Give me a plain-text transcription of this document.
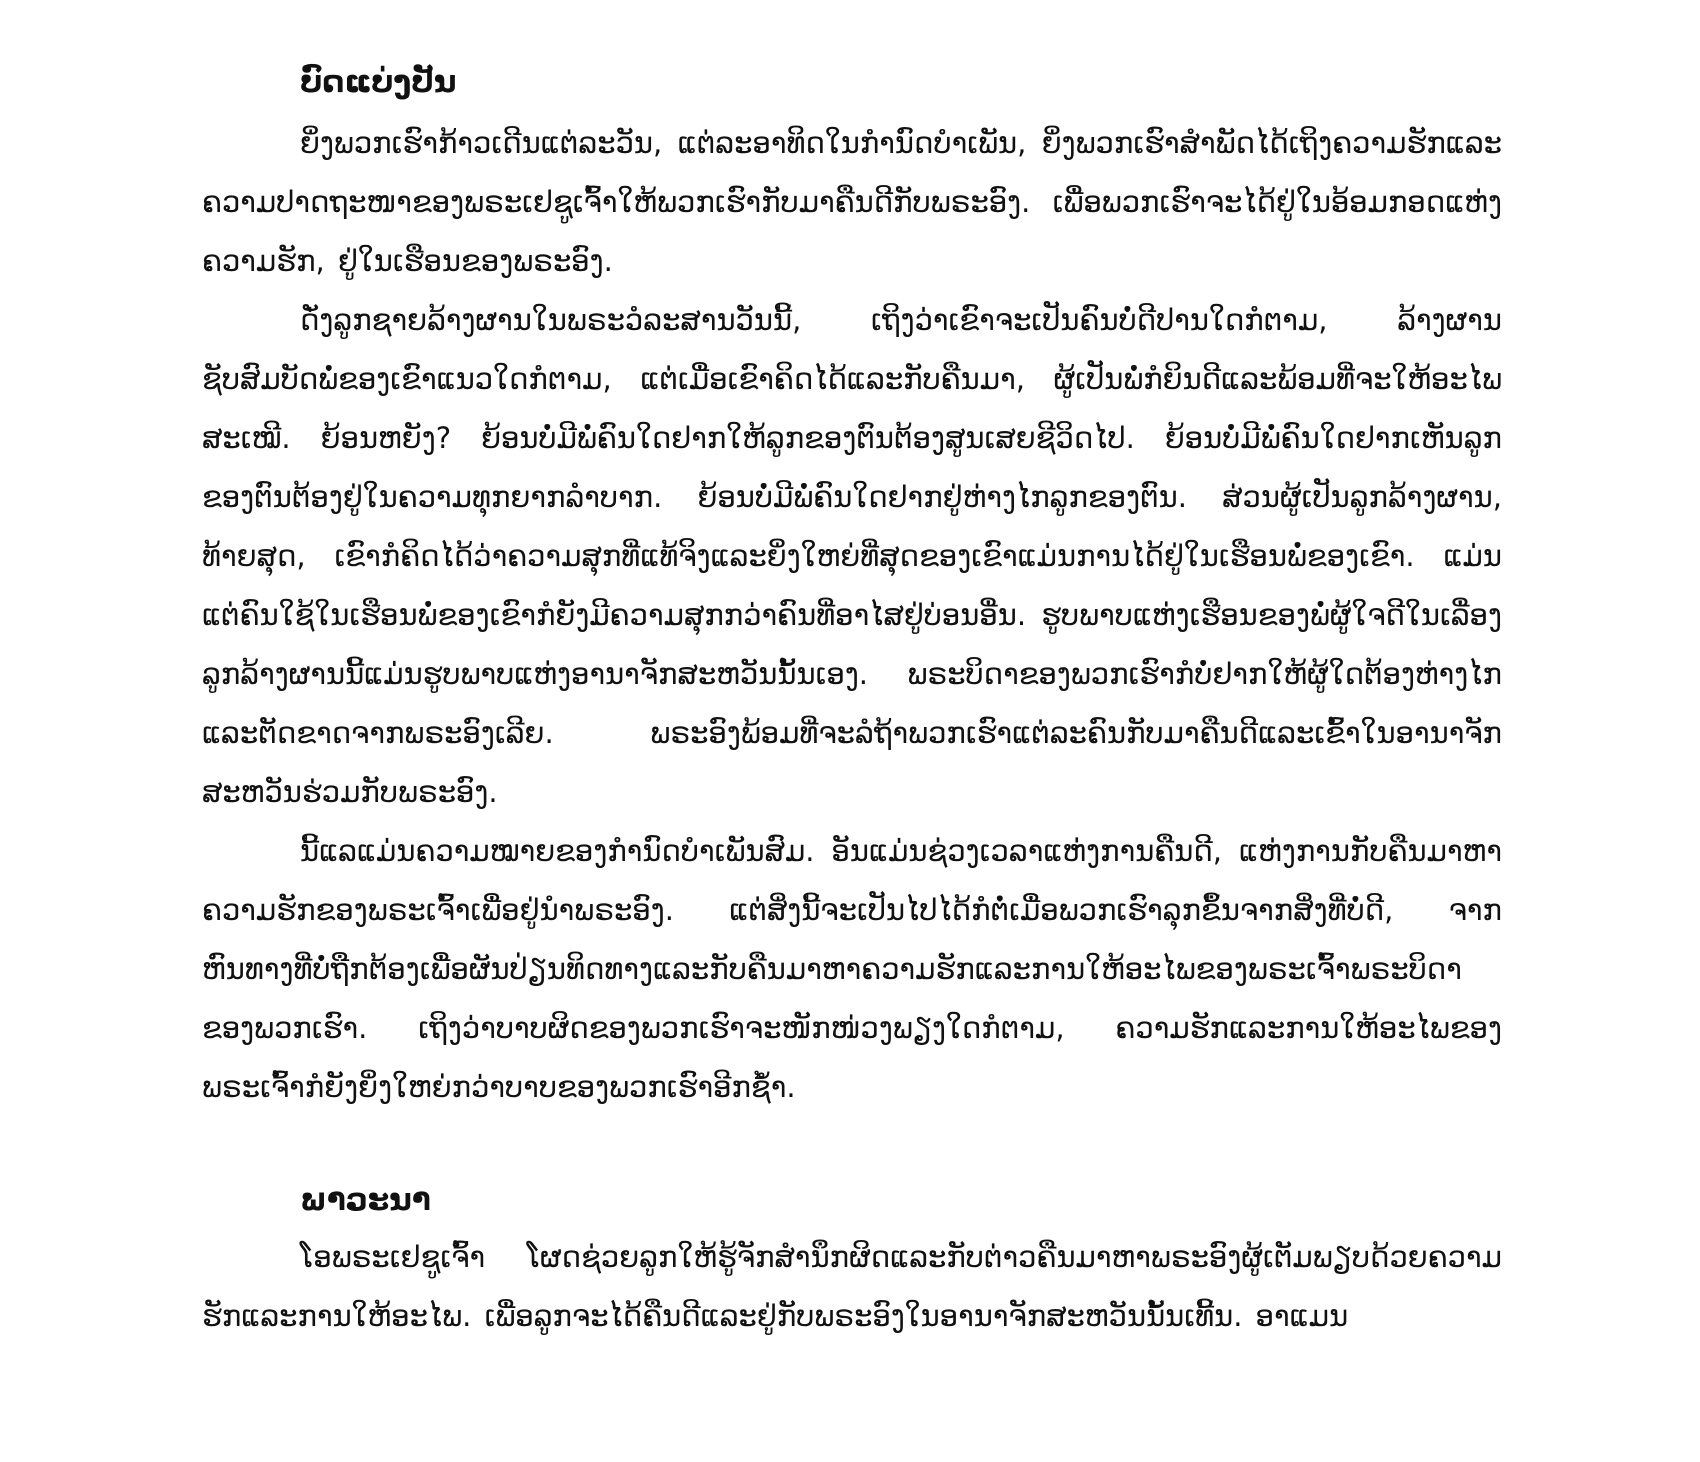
ບົດແບ່ງປັນ

ຍິ່ງພວກເຮົາກ້າວເດີນແຕ່ລະວັນ, ແຕ່ລະອາທິດໃນກໍານົດບໍາເພັນ, ຍິ່ງພວກເຮົາສໍາພັດໄດ້ເຖິງຄວາມຮັກແລະຄວາມປາດຖະໜາຂອງພຣະເຢຊູເຈົ້າໃຫ້ພວກເຮົາກັບມາຄືນດີກັບພຣະອົງ. ເພື່ອພວກເຮົາຈະໄດ້ຢູ່ໃນອ້ອມກອດແຫ່ງຄວາມຮັກ, ຢູ່ໃນເຮືອນຂອງພຣະອົງ.

ດັ່ງລູກຊາຍລ້າງຜານໃນພຣະວໍລະສານວັນນີ້, ເຖິງວ່າເຂົາຈະເປັນຄົນບໍ່ດີປານໃດກໍຕາມ, ລ້າງຜານຊັບສົມບັດພໍ່ຂອງເຂົາແນວໃດກໍຕາມ, ແຕ່ເມື່ອເຂົາຄິດໄດ້ແລະກັບຄືນມາ, ຜູ້ເປັນພໍ່ກໍຍິນດີແລະພ້ອມທີ່ຈະໃຫ້ອະໄພສະເໝີ. ຍ້ອນຫຍັງ? ຍ້ອນບໍ່ມີພໍ່ຄົນໃດຢາກໃຫ້ລູກຂອງຕົນຕ້ອງສູນເສຍຊີວິດໄປ. ຍ້ອນບໍ່ມີພໍ່ຄົນໃດຢາກເຫັນລູກຂອງຕົນຕ້ອງຢູ່ໃນຄວາມທຸກຍາກລໍາບາກ. ຍ້ອນບໍ່ມີພໍ່ຄົນໃດຢາກຢູ່ຫ່າງໄກລູກຂອງຕົນ. ສ່ວນຜູ້ເປັນລູກລ້າງຜານ, ທ້າຍສຸດ, ເຂົາກໍຄິດໄດ້ວ່າຄວາມສຸກທີ່ແທ້ຈິງແລະຍິ່ງໃຫຍ່ທີ່ສຸດຂອງເຂົາແມ່ນການໄດ້ຢູ່ໃນເຮືອນພໍ່ຂອງເຂົາ. ແມ່ນແຕ່ຄົນໃຊ້ໃນເຮືອນພໍ່ຂອງເຂົາກໍຍັງມີຄວາມສຸກກວ່າຄົນທີ່ອາໄສຢູ່ບ່ອນອື່ນ. ຮູບພາບແຫ່ງເຮືອນຂອງພໍ່ຜູ້ໃຈດີໃນເລື່ອງລູກລ້າງຜານນີ້ແມ່ນຮູບພາບແຫ່ງອານາຈັກສະຫວັນນັ້ນເອງ. ພຣະບິດາຂອງພວກເຮົາກໍບໍ່ຢາກໃຫ້ຜູ້ໃດຕ້ອງຫ່າງໄກແລະຕັດຂາດຈາກພຣະອົງເລີຍ. ພຣະອົງພ້ອມທີ່ຈະລໍຖ້າພວກເຮົາແຕ່ລະຄົນກັບມາຄືນດີແລະເຂົ້າໃນອານາຈັກສະຫວັນຮ່ວມກັບພຣະອົງ.

ນີ້ແລແມ່ນຄວາມໝາຍຂອງກໍານົດບໍາເພັນສົມ. ອັນແມ່ນຊ່ວງເວລາແຫ່ງການຄືນດີ, ແຫ່ງການກັບຄືນມາຫາຄວາມຮັກຂອງພຣະເຈົ້າເພື່ອຢູ່ນໍາພຣະອົງ. ແຕ່ສິ່ງນີ້ຈະເປັນໄປໄດ້ກໍຕໍ່ເມື່ອພວກເຮົາລຸກຂຶ້ນຈາກສິ່ງທີ່ບໍ່ດີ, ຈາກຫົນທາງທີ່ບໍ່ຖືກຕ້ອງເພື່ອຜັນປ່ຽນທິດທາງແລະກັບຄືນມາຫາຄວາມຮັກແລະການໃຫ້ອະໄພຂອງພຣະເຈົ້າພຣະບິດາຂອງພວກເຮົາ. ເຖິງວ່າບາບຜິດຂອງພວກເຮົາຈະໜັກໜ່ວງພຽງໃດກໍຕາມ, ຄວາມຮັກແລະການໃຫ້ອະໄພຂອງພຣະເຈົ້າກໍຍັງຍິ່ງໃຫຍ່ກວ່າບາບຂອງພວກເຮົາອີກຊໍ້າ.

ພາວະນາ

ໂອພຣະເຢຊູເຈົ້າ ໂຜດຊ່ວຍລູກໃຫ້ຮູ້ຈັກສໍານຶກຜິດແລະກັບຕ່າວຄືນມາຫາພຣະອົງຜູ້ເຕັມພຽບດ້ວຍຄວາມຮັກແລະການໃຫ້ອະໄພ. ເພື່ອລູກຈະໄດ້ຄືນດີແລະຢູ່ກັບພຣະອົງໃນອານາຈັກສະຫວັນນັ້ນເທີ້ນ. ອາແມນ
